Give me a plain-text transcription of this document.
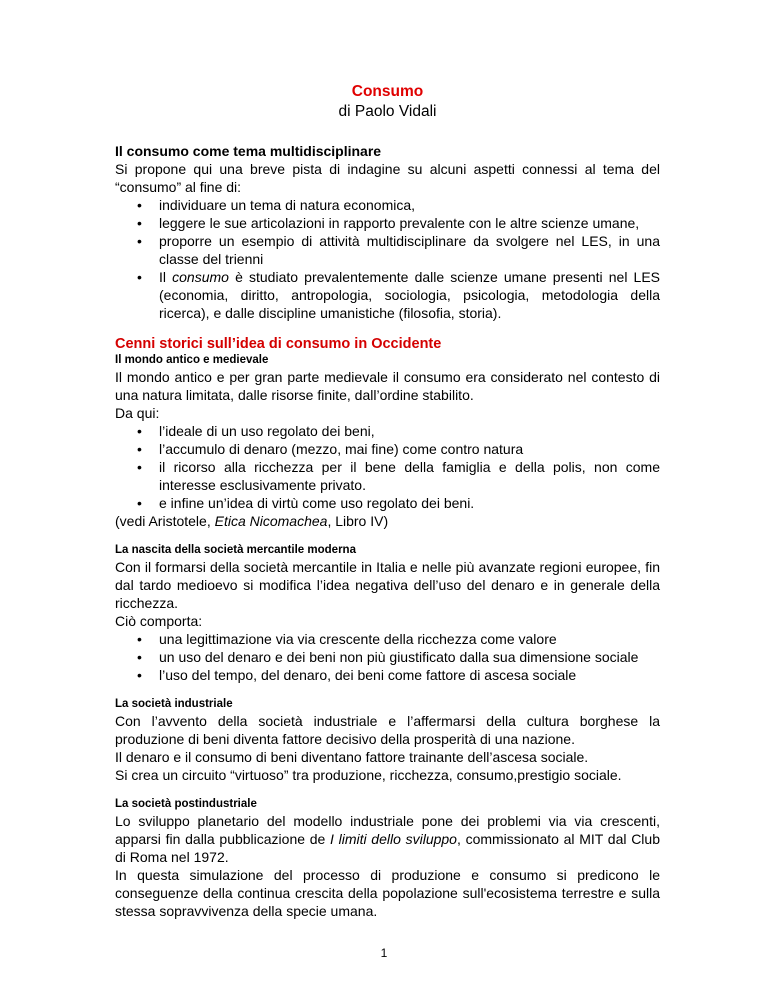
Consumo
di Paolo Vidali
Il consumo come tema multidisciplinare

Si propone qui una breve pista di indagine su alcuni aspetti connessi al tema del “consumo” al fine di:

• individuare un tema di natura economica,
• leggere le sue articolazioni in rapporto prevalente con le altre scienze umane,
• proporre un esempio di attività multidisciplinare da svolgere nel LES, in una classe del trienni
• Il consumo è studiato prevalentemente dalle scienze umane presenti nel LES (economia, diritto, antropologia, sociologia, psicologia, metodologia della ricerca), e dalle discipline umanistiche (filosofia, storia).
Cenni storici sull’idea di consumo in Occidente
Il mondo antico e medievale

Il mondo antico e per gran parte medievale il consumo era considerato nel contesto di una natura limitata, dalle risorse finite, dall’ordine stabilito.

Da qui:

• l’ideale di un uso regolato dei beni,
• l’accumulo di denaro (mezzo, mai fine) come contro natura
• il ricorso alla ricchezza per il bene della famiglia e della polis, non come interesse esclusivamente privato.
• e infine un’idea di virtù come uso regolato dei beni.

(vedi Aristotele, Etica Nicomachea, Libro IV)

La nascita della società mercantile moderna

Con il formarsi della società mercantile in Italia e nelle più avanzate regioni europee, fin dal tardo medioevo si modifica l’idea negativa dell’uso del denaro e in generale della ricchezza.

Ciò comporta:

• una legittimazione via via crescente della ricchezza come valore
• un uso del denaro e dei beni non più giustificato dalla sua dimensione sociale
• l’uso del tempo, del denaro, dei beni come fattore di ascesa sociale
La società industriale

Con l’avvento della società industriale e l’affermarsi della cultura borghese la produzione di beni diventa fattore decisivo della prosperità di una nazione.

Il denaro e il consumo di beni diventano fattore trainante dell’ascesa sociale.

Si crea un circuito “virtuoso” tra produzione, ricchezza, consumo,prestigio sociale.

La società postindustriale

Lo sviluppo planetario del modello industriale pone dei problemi via via crescenti, apparsi fin dalla pubblicazione de I limiti dello sviluppo, commissionato al MIT dal Club di Roma nel 1972.

In questa simulazione del processo di produzione e consumo si predicono le conseguenze della continua crescita della popolazione sull'ecosistema terrestre e sulla stessa sopravvivenza della specie umana.

1
